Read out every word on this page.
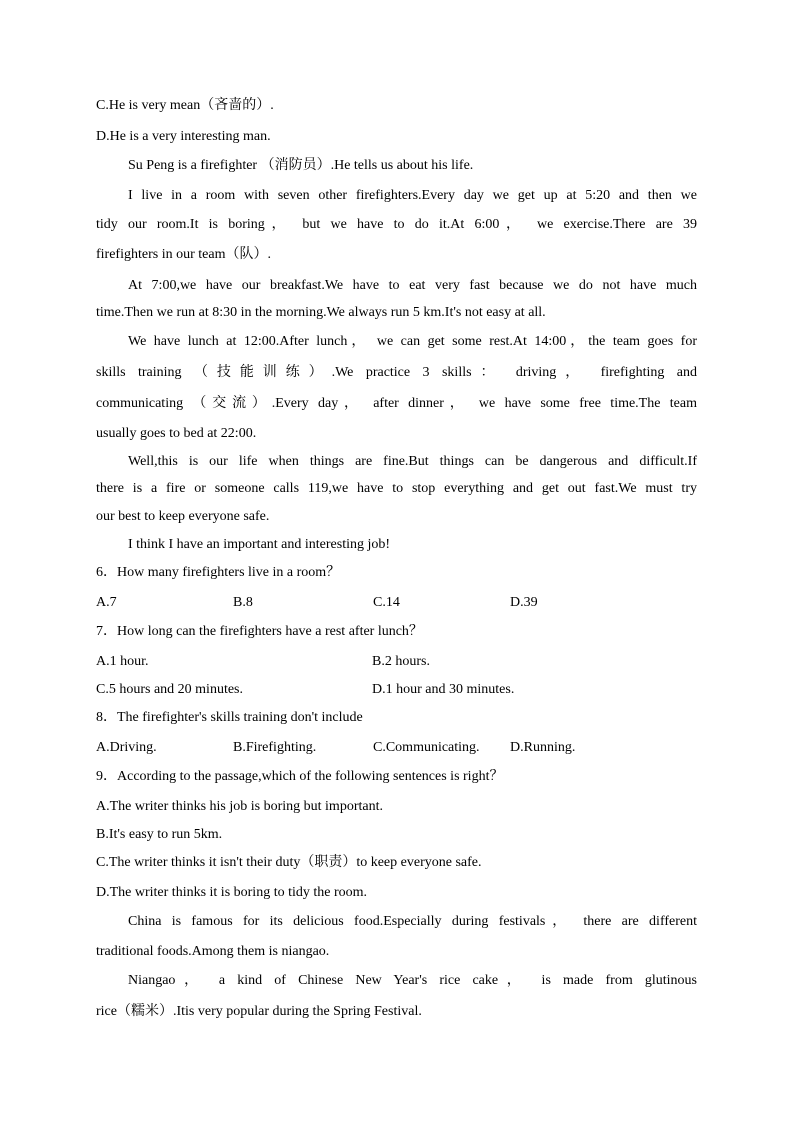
C.He is very mean（吝啬的）.
D.He is a very interesting man.
Su Peng is a firefighter （消防员）.He tells us about his life.
I live in a room with seven other firefighters.Every day we get up at 5:20 and then we
tidy our room.It is boring， but we have to do it.At 6:00， we exercise.There are 39
firefighters in our team（队）.
At 7:00,we have our breakfast.We have to eat very fast because we do not have much
time.Then we run at 8:30 in the morning.We always run 5 km.It's not easy at all.
We have lunch at 12:00.After lunch， we can get some rest.At 14:00，the team goes for
skills training （技能训练）.We practice 3 skills： driving， firefighting and
communicating （交流）.Every day， after dinner， we have some free time.The team
usually goes to bed at 22:00.
Well,this is our life when things are fine.But things can be dangerous and difficult.If
there is a fire or someone calls 119,we have to stop everything and get out fast.We must try
our best to keep everyone safe.
I think I have an important and interesting job!
6．How many firefighters live in a room？
A.7	B.8	C.14	D.39
7．How long can the firefighters have a rest after lunch？
A.1 hour.	B.2 hours.
C.5 hours and 20 minutes.	D.1 hour and 30 minutes.
8．The firefighter's skills training don't include
A.Driving.	B.Firefighting.	C.Communicating. D.Running.
9．According to the passage,which of the following sentences is right？
A.The writer thinks his job is boring but important.
B.It's easy to run 5km.
C.The writer thinks it isn't their duty（职责）to keep everyone safe.
D.The writer thinks it is boring to tidy the room.
China is famous for its delicious food.Especially during festivals， there are different
traditional foods.Among them is niangao.
Niangao， a kind of Chinese New Year's rice cake， is made from glutinous
rice（糯米）.Itis very popular during the Spring Festival.
